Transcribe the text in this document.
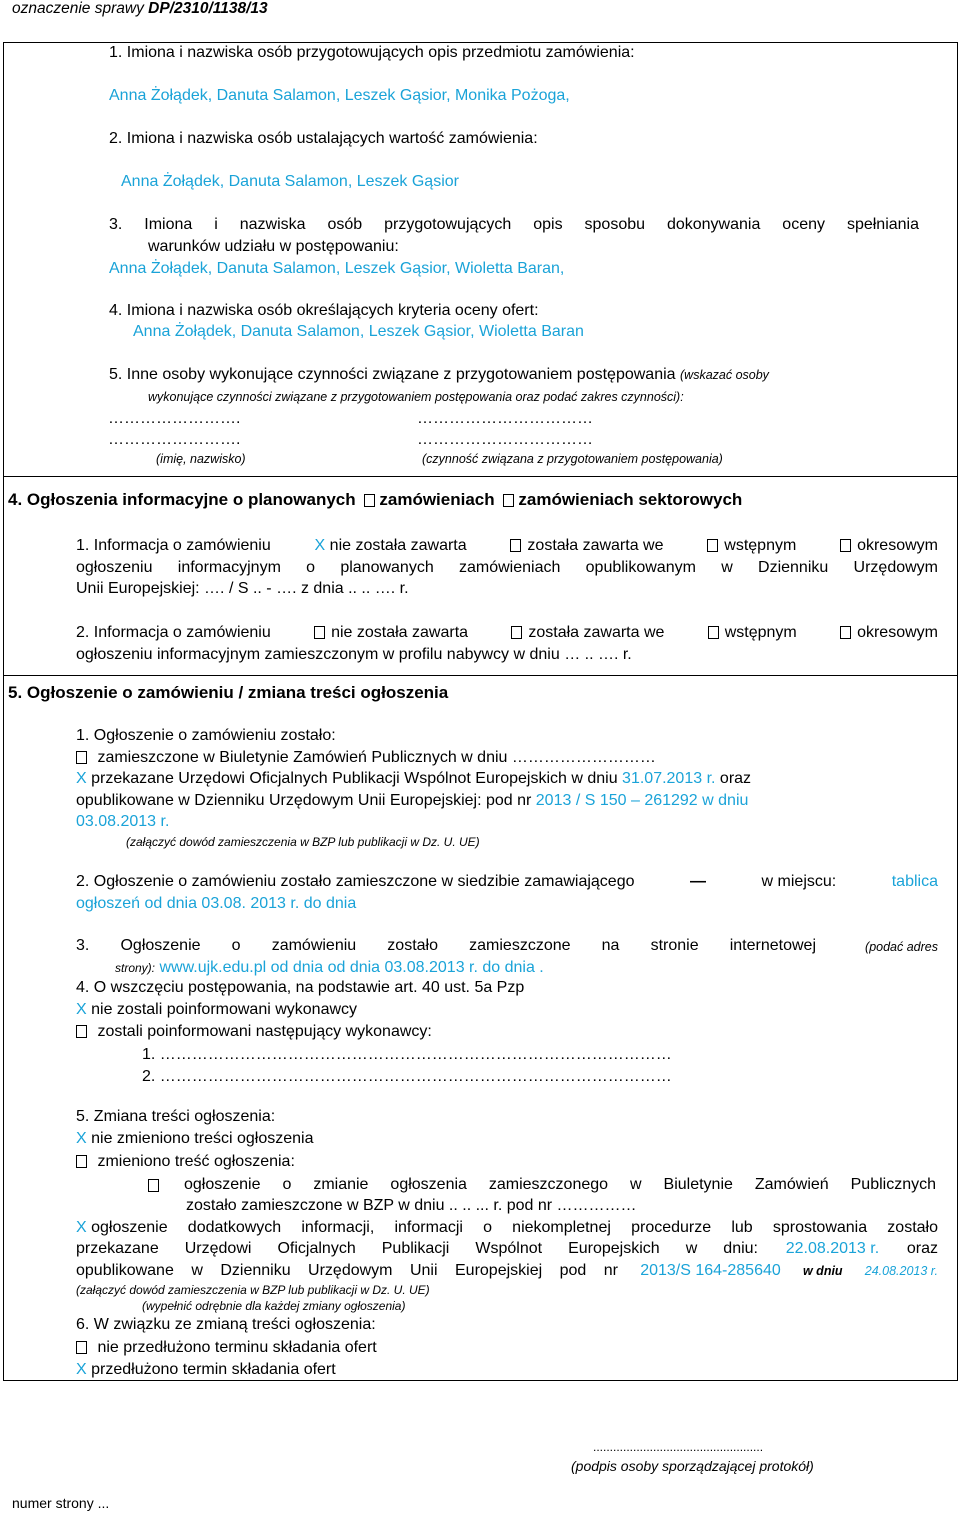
oznaczenie sprawy DP/2310/1138/13
1. Imiona i nazwiska osób przygotowujących opis przedmiotu zamówienia:
Anna Żołądek, Danuta Salamon, Leszek Gąsior, Monika Pożoga,
2. Imiona i nazwiska osób ustalających wartość zamówienia:
Anna Żołądek, Danuta Salamon, Leszek Gąsior
3. Imiona i nazwiska osób przygotowujących opis sposobu dokonywania oceny spełniania
warunków udziału w postępowaniu:
Anna Żołądek, Danuta Salamon, Leszek Gąsior, Wioletta Baran,
4. Imiona i nazwiska osób określających kryteria oceny ofert:
Anna Żołądek, Danuta Salamon, Leszek Gąsior, Wioletta Baran
5. Inne osoby wykonujące czynności związane z przygotowaniem postępowania (wskazać osoby
wykonujące czynności związane z przygotowaniem postępowania oraz podać zakres czynności):
…………………….	……………………………
…………………….	……………………………
(imię, nazwisko)	(czynność związana z przygotowaniem postępowania)
4. Ogłoszenia informacyjne o planowanych zamówieniach zamówieniach sektorowych
1. Informacja o zamówieniu	X nie została zawarta	została zawarta we	wstępnym	okresowym
ogłoszeniu informacyjnym o planowanych zamówieniach opublikowanym w Dzienniku Urzędowym
Unii Europejskiej: …. / S .. - …. z dnia .. .. …. r.
2. Informacja o zamówieniu	nie została zawarta	została zawarta we	wstępnym	okresowym
ogłoszeniu informacyjnym zamieszczonym w profilu nabywcy w dniu … .. …. r.
5. Ogłoszenie o zamówieniu / zmiana treści ogłoszenia
1. Ogłoszenie o zamówieniu zostało:
zamieszczone w Biuletynie Zamówień Publicznych w dniu ………………………
X przekazane Urzędowi Oficjalnych Publikacji Wspólnot Europejskich w dniu 31.07.2013 r. oraz
opublikowane w Dzienniku Urzędowym Unii Europejskiej: pod nr 2013 / S 150 – 261292 w dniu
03.08.2013 r.
(załączyć dowód zamieszczenia w BZP lub publikacji w Dz. U. UE)
2. Ogłoszenie o zamówieniu zostało zamieszczone w siedzibie zamawiającego	—	w miejscu:	tablica
ogłoszeń od dnia 03.08. 2013 r. do dnia
3. Ogłoszenie o zamówieniu zostało zamieszczone na stronie internetowej	(podać adres
strony): www.ujk.edu.pl od dnia od dnia 03.08.2013 r. do dnia .
4. O wszczęciu postępowania, na podstawie art. 40 ust. 5a Pzp
X nie zostali poinformowani wykonawcy
zostali poinformowani następujący wykonawcy:
1. ……………………………………………………………………………………
2. ……………………………………………………………………………………
5. Zmiana treści ogłoszenia:
X nie zmieniono treści ogłoszenia
zmieniono treść ogłoszenia:
ogłoszenie o zmianie ogłoszenia zamieszczonego w Biuletynie Zamówień Publicznych
zostało zamieszczone w BZP w dniu .. .. ... r. pod nr ……………
X
ogłoszenie dodatkowych informacji, informacji o niekompletnej procedurze lub sprostowania zostało
przekazane Urzędowi Oficjalnych Publikacji Wspólnot Europejskich w dniu: 22.08.2013 r. oraz
opublikowane w Dzienniku Urzędowym Unii Europejskiej pod nr 2013/S 164-285640 w dniu 24.08.2013 r.
(załączyć dowód zamieszczenia w BZP lub publikacji w Dz. U. UE)
(wypełnić odrębnie dla każdej zmiany ogłoszenia)
6. W związku ze zmianą treści ogłoszenia:
nie przedłużono terminu składania ofert
X przedłużono termin składania ofert
...................................................
(podpis osoby sporządzającej protokół)
numer strony ...
